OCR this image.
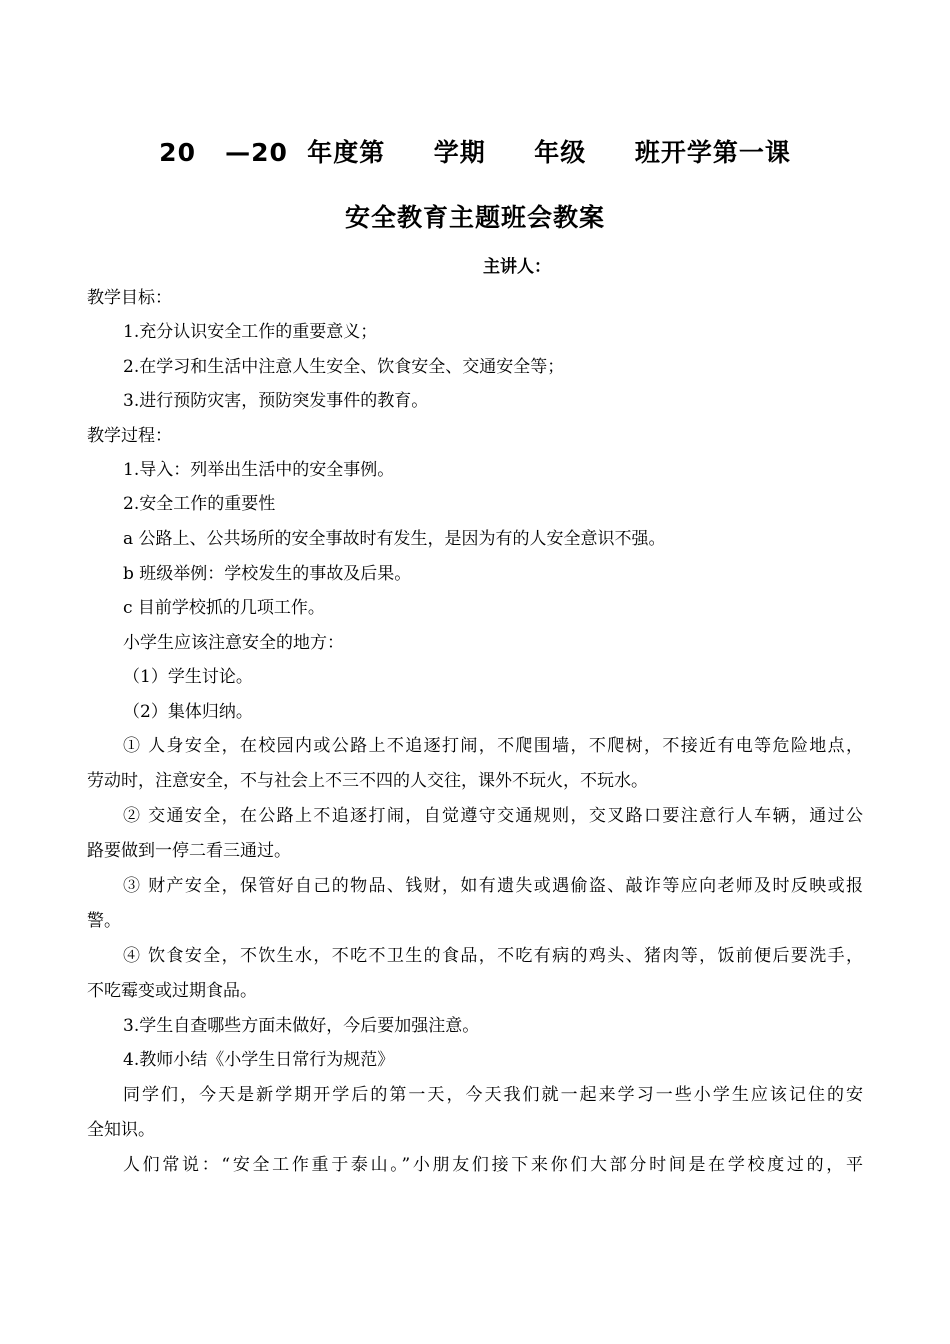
20   —20  年度第     学期     年级     班开学第一课
安全教育主题班会教案
主讲人：
教学目标：
1.充分认识安全工作的重要意义；
2.在学习和生活中注意人生安全、饮食安全、交通安全等；
3.进行预防灾害，预防突发事件的教育。
教学过程：
1.导入：列举出生活中的安全事例。
2.安全工作的重要性
a 公路上、公共场所的安全事故时有发生，是因为有的人安全意识不强。
b 班级举例：学校发生的事故及后果。
c 目前学校抓的几项工作。
小学生应该注意安全的地方：
（1）学生讨论。
（2）集体归纳。
① 人身安全，在校园内或公路上不追逐打闹，不爬围墙，不爬树，不接近有电等危险地点，
劳动时，注意安全，不与社会上不三不四的人交往，课外不玩火，不玩水。
② 交通安全，在公路上不追逐打闹，自觉遵守交通规则，交叉路口要注意行人车辆，通过公
路要做到一停二看三通过。
③ 财产安全，保管好自己的物品、钱财，如有遗失或遇偷盗、敲诈等应向老师及时反映或报
警。
④ 饮食安全，不饮生水，不吃不卫生的食品，不吃有病的鸡头、猪肉等，饭前便后要洗手，
不吃霉变或过期食品。
3.学生自查哪些方面未做好，今后要加强注意。
4.教师小结《小学生日常行为规范》
同学们，今天是新学期开学后的第一天，今天我们就一起来学习一些小学生应该记住的安
全知识。
人们常说：“安全工作重于泰山。”小朋友们接下来你们大部分时间是在学校度过的，平
